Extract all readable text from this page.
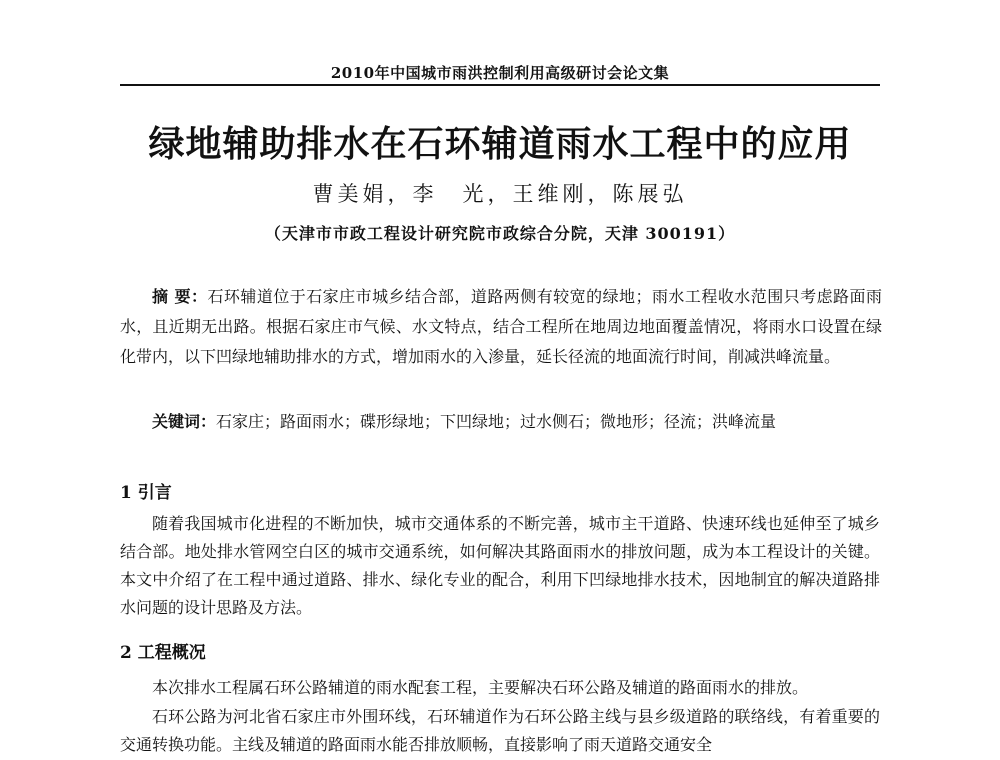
2010年中国城市雨洪控制利用高级研讨会论文集
绿地辅助排水在石环辅道雨水工程中的应用
曹美娟，李　光，王维刚，陈展弘
（天津市市政工程设计研究院市政综合分院，天津 300191）
摘 要：石环辅道位于石家庄市城乡结合部，道路两侧有较宽的绿地；雨水工程收水范围只考虑路面雨水，且近期无出路。根据石家庄市气候、水文特点，结合工程所在地周边地面覆盖情况，将雨水口设置在绿化带内，以下凹绿地辅助排水的方式，增加雨水的入渗量，延长径流的地面流行时间，削减洪峰流量。
关键词：石家庄；路面雨水；碟形绿地；下凹绿地；过水侧石；微地形；径流；洪峰流量
1 引言
随着我国城市化进程的不断加快，城市交通体系的不断完善，城市主干道路、快速环线也延伸至了城乡结合部。地处排水管网空白区的城市交通系统，如何解决其路面雨水的排放问题，成为本工程设计的关键。本文中介绍了在工程中通过道路、排水、绿化专业的配合，利用下凹绿地排水技术，因地制宜的解决道路排水问题的设计思路及方法。
2 工程概况
本次排水工程属石环公路辅道的雨水配套工程，主要解决石环公路及辅道的路面雨水的排放。
石环公路为河北省石家庄市外围环线，石环辅道作为石环公路主线与县乡级道路的联络线，有着重要的交通转换功能。主线及辅道的路面雨水能否排放顺畅，直接影响了雨天道路交通安全
